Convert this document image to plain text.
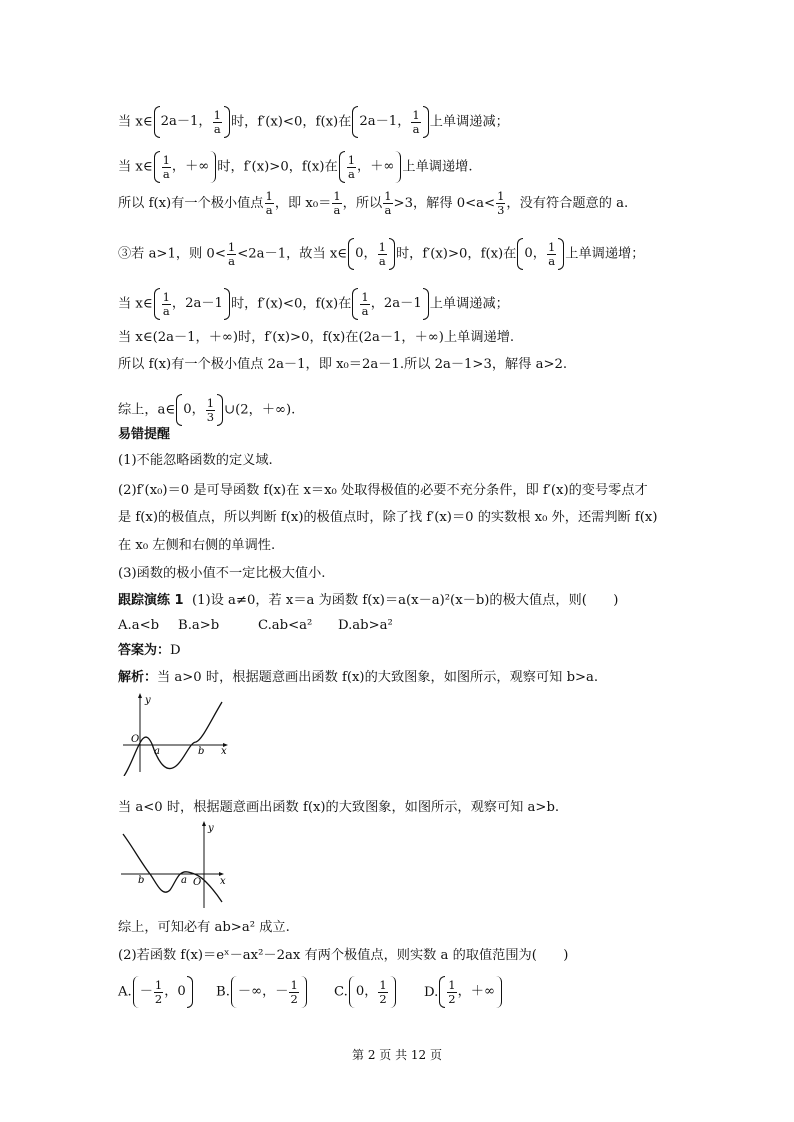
当 x∈ 2a－1， $\frac{1}{a}$ 时，f′(x)<0，f(x)在 2a－1， $\frac{1}{a}$ 上单调递减；
当 x∈ $\frac{1}{a}$ ，＋∞ 时，f′(x)>0，f(x)在 $\frac{1}{a}$ ，＋∞ 上单调递增.
所以 f(x)有一个极小值点 $\frac{1}{a}$ ，即 $x_0= \frac{1}{a}$ ，所以 $\frac{1}{a} >3$，解得 $0<a< \frac{1}{3}$ ，没有符合题意的 a.
③若 a>1，则 $0< \frac{1}{a} <2a-1$，故当 x∈ 0， $\frac{1}{a}$ 时，f′(x)>0，f(x)在 0， $\frac{1}{a}$ 上单调递增；
当 x∈ $\frac{1}{a}$ ，2a－1 时，f′(x)<0，f(x)在 $\frac{1}{a}$ ，2a－1 上单调递减；
当 x∈(2a－1，＋∞)时，f′(x)>0，f(x)在(2a－1，＋∞)上单调递增.
所以 f(x)有一个极小值点 2a－1，即 x₀＝2a－1.所以 2a－1>3，解得 a>2.
综上，a∈ 0， $\frac{1}{3}$ ∪(2，＋∞).
易错提醒
(1)不能忽略函数的定义域.
(2)f′(x₀)＝0 是可导函数 f(x)在 x＝x₀ 处取得极值的必要不充分条件，即 f′(x)的变号零点才
是 f(x)的极值点，所以判断 f(x)的极值点时，除了找 f′(x)＝0 的实数根 x₀ 外，还需判断 f(x)
在 x₀ 左侧和右侧的单调性.
(3)函数的极小值不一定比极大值小.
跟踪演练 1 (1)设 a≠0，若 x＝a 为函数 f(x)＝a(x－a)²(x－b)的极大值点，则(　　)
A.a<b B.a>b	C.ab<a² D.ab>a²
答案为：D
解析：当 a>0 时，根据题意画出函数 f(x)的大致图象，如图所示，观察可知 b>a.
y
O
a	b x
当 a<0 时，根据题意画出函数 f(x)的大致图象，如图所示，观察可知 a>b.
y
b	a O x
综上，可知必有 ab>a² 成立.
(2)若函数 f(x)＝eˣ－ax²－2ax 有两个极值点，则实数 a 的取值范围为(　　)
A. － $\frac{1}{2}$ ，0 B. －∞，－ $\frac{1}{2}$	C. 0， $\frac{1}{2}$	D. $\frac{1}{2}$ ，＋∞
第 2 页 共 12 页
